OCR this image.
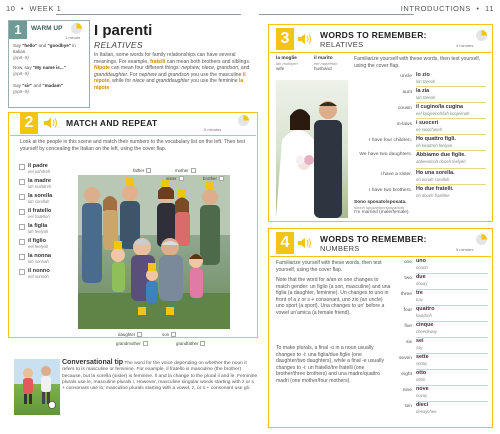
10  •  WEEK 1	INTRODUCTIONS  •  11
1	WARM UP
1 minute

Say "hello" and "goodbye" in Italian.
(pp8–9)

Now, say "My name is..."
(pp8–9)

Say "sir" and "madam"
(pp8–9)

I parenti
RELATIVES
In Italian, some words for family relationships can have several meanings. For example, fratelli can mean both brothers and siblings. Nipote can mean four different things: nephew, niece, grandson, and granddaughter. For nephew and grandson you use the masculine il nipote, while for niece and granddaughter you use the feminine la nipote
2	MATCH AND REPEAT
5 minutes
Look at the people in this scene and match their numbers to the vocabulary list on the left. Then test yourself by concealing the Italian on the left, using the cover flap.
il padre
eel pahdreh
la madre
lah mahdreh
la sorella
lah sorellah
il fratello
eel fratelloh
la figlia
lah feelyah
il figlio
eel feelyoh
la nonna
lah nonnah
il nonno
eel nonnoh
father	mother
sister	brother
daughter	son
grandmother	grandfather
Conversational tip The word for the voice depending on whether the noun it refers to is masculine or feminine. For example, il fratello is masculine (the brother) because, but la sorella (sister) is feminine. Il and la change to the plural il and le. Feminine plurals use le, masculine plurals i. However, masculine singular words starting with z or s + consonant use lo; masculine plurals starting with a vowel, z, or s + consonant use gli.
3	WORDS TO REMEMBER:
RELATIVES	4 minutes
la moglie
lah mohlyeh
wife
il marito
eel mareetoh
husband
Familiarize yourself with these words, then test yourself, using the cover flap.
uncle lo zio
loh tzeeoh
aunt la zia
lah tzeeah
cousin il cugino/la cugina
eel koojeenoh/lah koojeenah
in-laws i suoceri
ee swochereh
I have four children. Ho quattro figli.
oh kwattroh feelyee
We have two daughters. Abbiamo due figlie.
abbeeamoh dooeh feelyeh
I have a sister. Ho una sorella.
oh oonah sorellah
I have two brothers. Ho due fratelli.
oh dooeh fratellee
Sono sposato/sposata.
sonoh spozahtoh/spozahtah
I'm married (male/female).
4	WORDS TO REMEMBER:
NUMBERS	5 minutes
Familiarize yourself with these words, then test yourself, using the cover flap.
Note that the word for a/an or one changes to match gender: un figlio (a son, masculine) and una figlia (a daughter, feminine). Un changes to uno in front of a z or s + consonant, uno zio (an uncle) uno sport (a sport). Una changes to un' before a vowel un'amica (a female friend).
To make plurals, a final -o in a noun usually changes to -i: una figlia/due figlie (one daughter/two daughters), while a final -e usually changes to -i: un fratello/tre fratelli (one brother/three brothers) and una madre/quattro madri (one mother/four mothers).
one uno
oonoh
two due
dooay
three tre
tray
four quattro
kwattroh
five cinque
cheenkway
six sei
say
seven sette
settay
eight otto
ottoh
nine nove
novay
ten dieci
deeaychee
